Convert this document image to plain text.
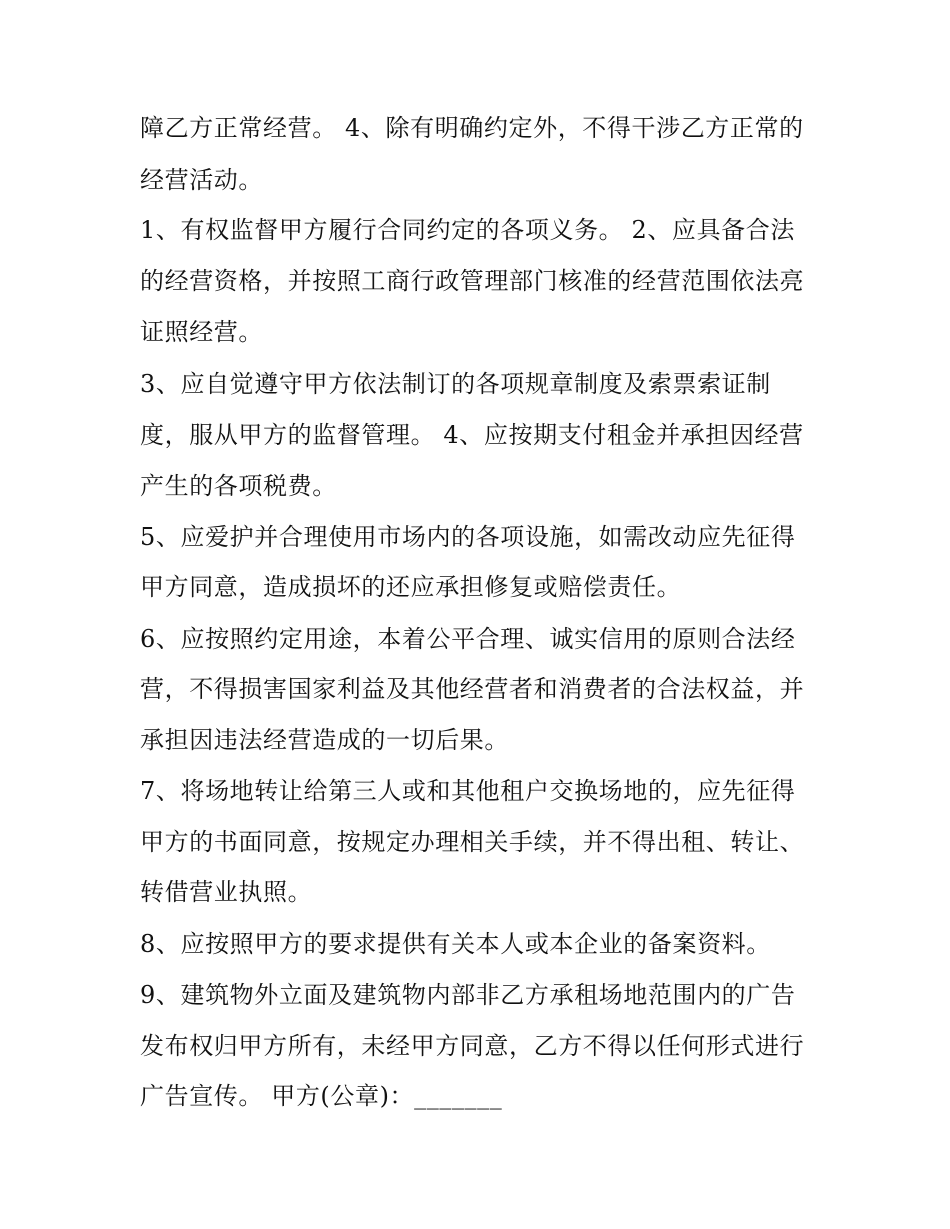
障乙方正常经营。 4、除有明确约定外，不得干涉乙方正常的
经营活动。
1、有权监督甲方履行合同约定的各项义务。 2、应具备合法
的经营资格，并按照工商行政管理部门核准的经营范围依法亮
证照经营。
3、应自觉遵守甲方依法制订的各项规章制度及索票索证制
度，服从甲方的监督管理。 4、应按期支付租金并承担因经营
产生的各项税费。
5、应爱护并合理使用市场内的各项设施，如需改动应先征得
甲方同意，造成损坏的还应承担修复或赔偿责任。
6、应按照约定用途，本着公平合理、诚实信用的原则合法经
营，不得损害国家利益及其他经营者和消费者的合法权益，并
承担因违法经营造成的一切后果。
7、将场地转让给第三人或和其他租户交换场地的，应先征得
甲方的书面同意，按规定办理相关手续，并不得出租、转让、
转借营业执照。
8、应按照甲方的要求提供有关本人或本企业的备案资料。
9、建筑物外立面及建筑物内部非乙方承租场地范围内的广告
发布权归甲方所有，未经甲方同意，乙方不得以任何形式进行
广告宣传。 甲方(公章)：_______
